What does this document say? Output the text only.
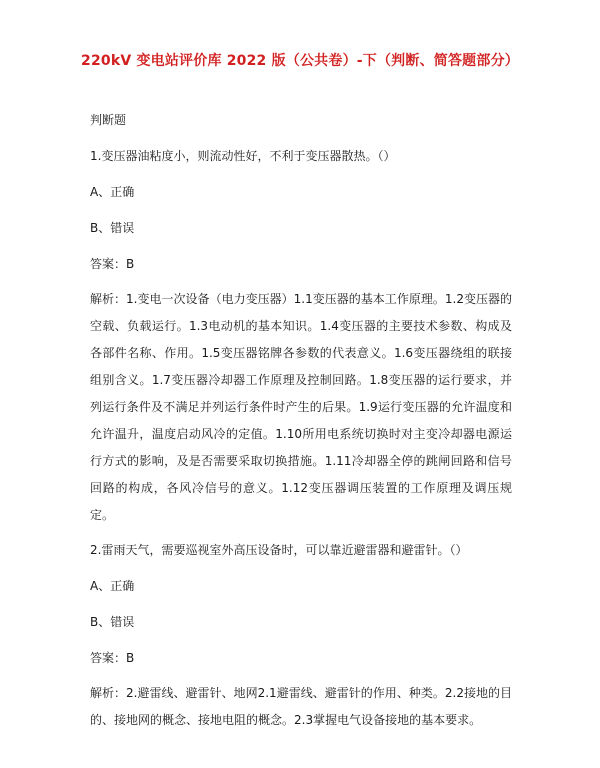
220kV 变电站评价库 2022 版（公共卷）-下（判断、简答题部分）
判断题
1.变压器油粘度小，则流动性好，不利于变压器散热。（）
A、正确
B、错误
答案：B
解析：1.变电一次设备（电力变压器）1.1变压器的基本工作原理。1.2变压器的空载、负载运行。1.3电动机的基本知识。1.4变压器的主要技术参数、构成及各部件名称、作用。1.5变压器铭牌各参数的代表意义。1.6变压器绕组的联接组别含义。1.7变压器冷却器工作原理及控制回路。1.8变压器的运行要求，并列运行条件及不满足并列运行条件时产生的后果。1.9运行变压器的允许温度和允许温升，温度启动风冷的定值。1.10所用电系统切换时对主变冷却器电源运行方式的影响，及是否需要采取切换措施。1.11冷却器全停的跳闸回路和信号回路的构成，各风冷信号的意义。1.12变压器调压装置的工作原理及调压规定。
2.雷雨天气，需要巡视室外高压设备时，可以靠近避雷器和避雷针。（）
A、正确
B、错误
答案：B
解析：2.避雷线、避雷针、地网2.1避雷线、避雷针的作用、种类。2.2接地的目的、接地网的概念、接地电阻的概念。2.3掌握电气设备接地的基本要求。
